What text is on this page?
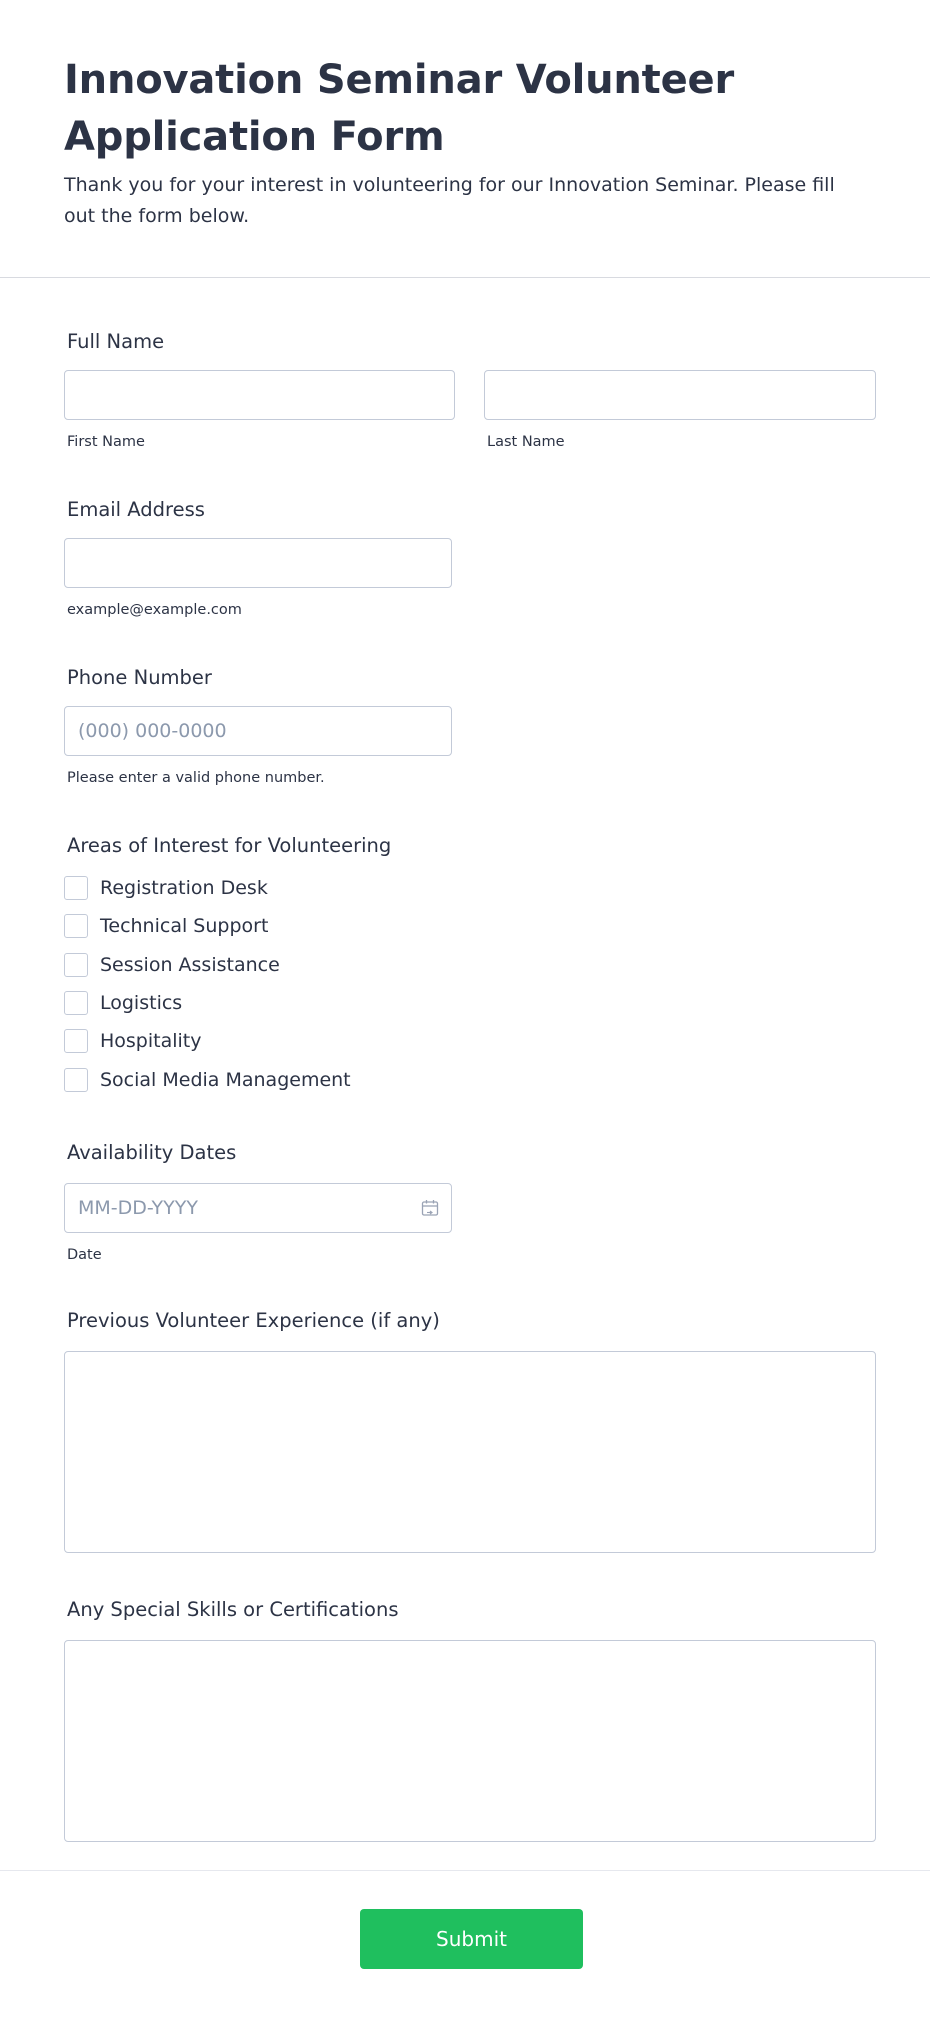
Innovation Seminar Volunteer Application Form

Thank you for your interest in volunteering for our Innovation Seminar. Please fill out the form below.

Full Name
First Name	Last Name
Email Address
example@example.com
Phone Number
(000) 000-0000
Please enter a valid phone number.
Areas of Interest for Volunteering
Registration Desk
Technical Support
Session Assistance
Logistics
Hospitality
Social Media Management
Availability Dates
MM-DD-YYYY
Date
Previous Volunteer Experience (if any)
Any Special Skills or Certifications
Submit
